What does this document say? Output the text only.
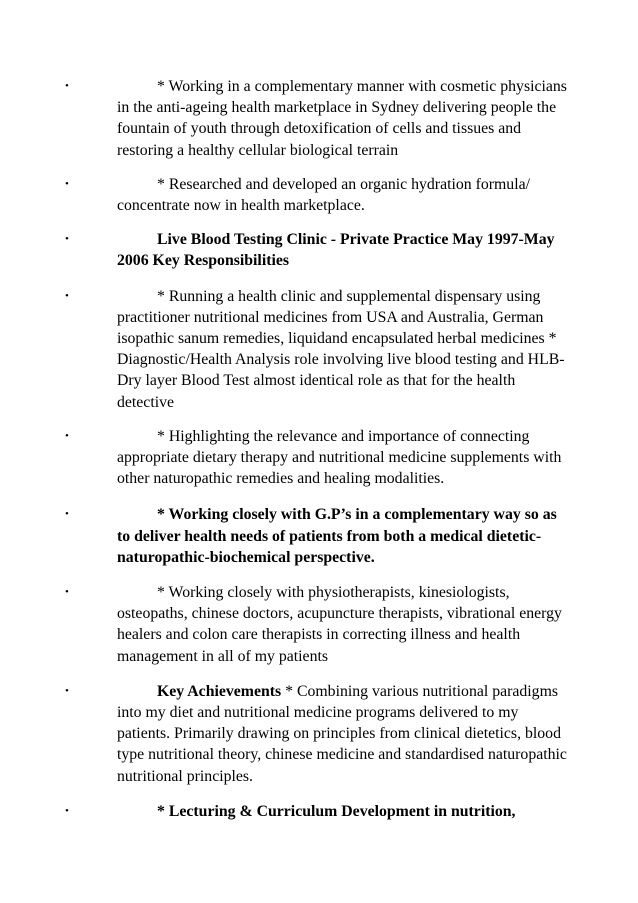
•	* Working in a complementary manner with cosmetic physicians in the anti-ageing health marketplace in Sydney delivering people the fountain of youth through detoxification of cells and tissues and restoring a healthy cellular biological terrain
•	* Researched and developed an organic hydration formula/ concentrate now in health marketplace.
•	Live Blood Testing Clinic - Private Practice May 1997-May 2006 Key Responsibilities
•	* Running a health clinic and supplemental dispensary using practitioner nutritional medicines from USA and Australia, German isopathic sanum remedies, liquidand encapsulated herbal medicines * Diagnostic/Health Analysis role involving live blood testing and HLB-Dry layer Blood Test almost identical role as that for the health detective
•	* Highlighting the relevance and importance of connecting appropriate dietary therapy and nutritional medicine supplements with other naturopathic remedies and healing modalities.
•	* Working closely with G.P’s in a complementary way so as to deliver health needs of patients from both a medical dietetic-naturopathic-biochemical perspective.
•	* Working closely with physiotherapists, kinesiologists, osteopaths, chinese doctors, acupuncture therapists, vibrational energy healers and colon care therapists in correcting illness and health management in all of my patients
•	Key Achievements * Combining various nutritional paradigms into my diet and nutritional medicine programs delivered to my patients. Primarily drawing on principles from clinical dietetics, blood type nutritional theory, chinese medicine and standardised naturopathic nutritional principles.
•	* Lecturing & Curriculum Development in nutrition,
